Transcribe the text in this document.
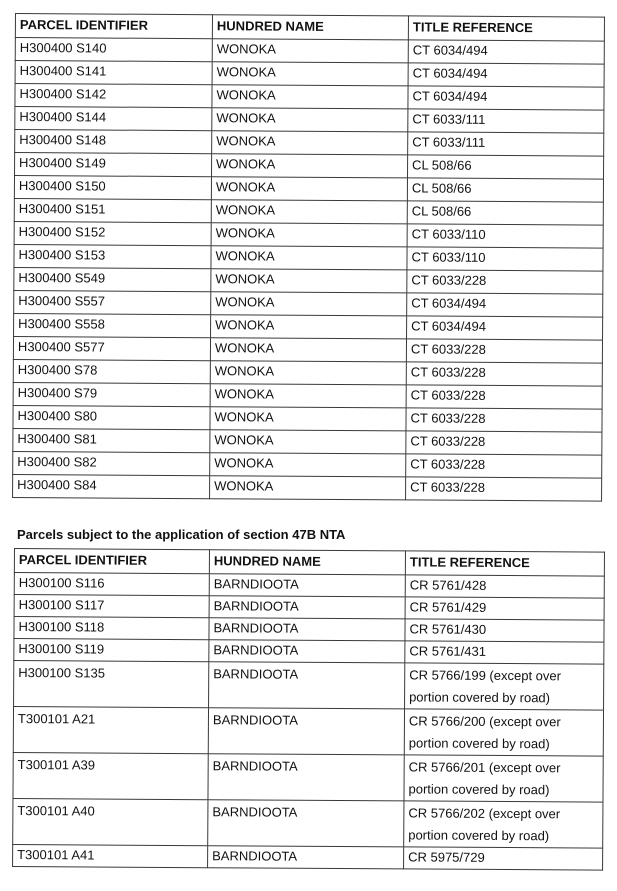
PARCEL IDENTIFIER	HUNDRED NAME	TITLE REFERENCE
H300400 S140	WONOKA	CT 6034/494
H300400 S141	WONOKA	CT 6034/494
H300400 S142	WONOKA	CT 6034/494
H300400 S144	WONOKA	CT 6033/111
H300400 S148	WONOKA	CT 6033/111
H300400 S149	WONOKA	CL 508/66
H300400 S150	WONOKA	CL 508/66
H300400 S151	WONOKA	CL 508/66
H300400 S152	WONOKA	CT 6033/110
H300400 S153	WONOKA	CT 6033/110
H300400 S549	WONOKA	CT 6033/228
H300400 S557	WONOKA	CT 6034/494
H300400 S558	WONOKA	CT 6034/494
H300400 S577	WONOKA	CT 6033/228
H300400 S78	WONOKA	CT 6033/228
H300400 S79	WONOKA	CT 6033/228
H300400 S80	WONOKA	CT 6033/228
H300400 S81	WONOKA	CT 6033/228
H300400 S82	WONOKA	CT 6033/228
H300400 S84	WONOKA	CT 6033/228
Parcels subject to the application of section 47B NTA
PARCEL IDENTIFIER	HUNDRED NAME	TITLE REFERENCE
H300100 S116	BARNDIOOTA	CR 5761/428
H300100 S117	BARNDIOOTA	CR 5761/429
H300100 S118	BARNDIOOTA	CR 5761/430
H300100 S119	BARNDIOOTA	CR 5761/431
H300100 S135	BARNDIOOTA	CR 5766/199 (except over portion covered by road)
T300101 A21	BARNDIOOTA	CR 5766/200 (except over portion covered by road)
T300101 A39	BARNDIOOTA	CR 5766/201 (except over portion covered by road)
T300101 A40	BARNDIOOTA	CR 5766/202 (except over portion covered by road)
T300101 A41	BARNDIOOTA	CR 5975/729
